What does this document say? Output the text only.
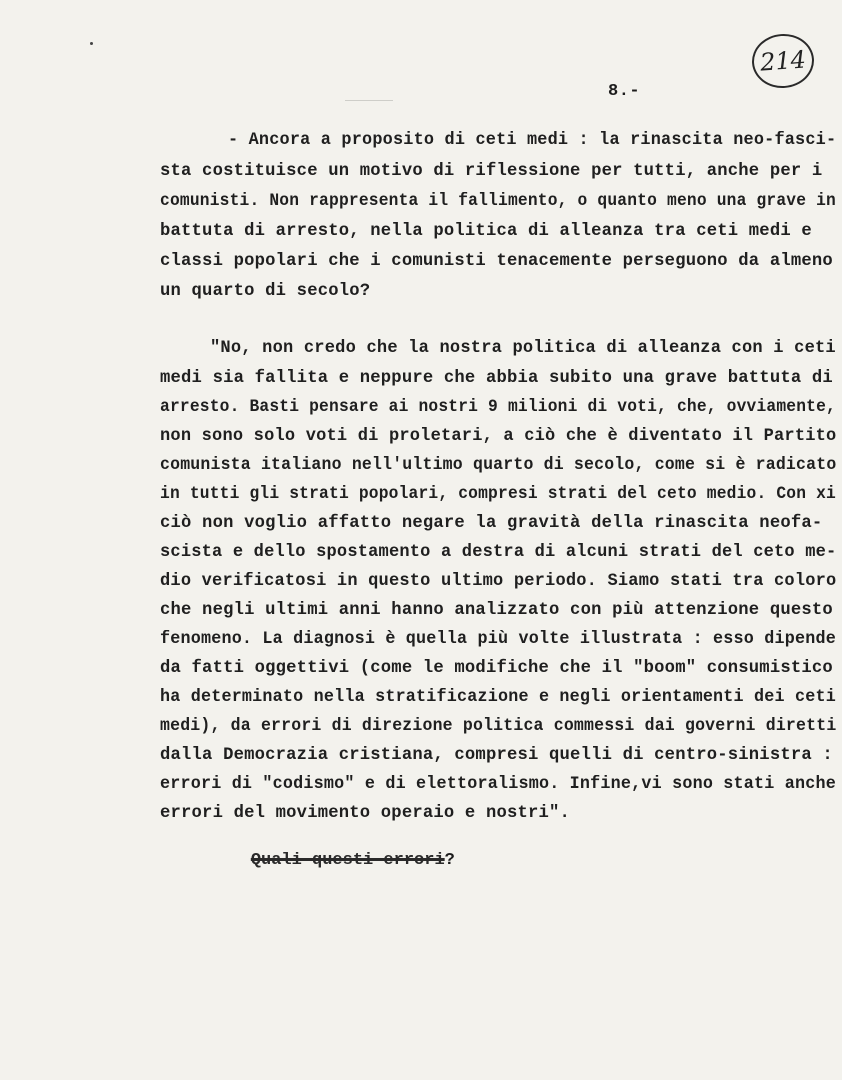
214
8.-
- Ancora a proposito di ceti medi : la rinascita neo-fasci-
sta costituisce un motivo di riflessione per tutti, anche per i
comunisti. Non rappresenta il fallimento, o quanto meno una grave in
battuta di arresto, nella politica di alleanza tra ceti medi e
classi popolari che i comunisti tenacemente perseguono da almeno
un quarto di secolo?
"No, non credo che la nostra politica di alleanza con i ceti
medi sia fallita e neppure che abbia subito una grave battuta di
arresto. Basti pensare ai nostri 9 milioni di voti, che, ovviamente,
non sono solo voti di proletari, a ciò che è diventato il Partito
comunista italiano nell'ultimo quarto di secolo, come si è radicato
in tutti gli strati popolari, compresi strati del ceto medio. Con xi
ciò non voglio affatto negare la gravità della rinascita neofa-
scista e dello spostamento a destra di alcuni strati del ceto me-
dio verificatosi in questo ultimo periodo. Siamo stati tra coloro
che negli ultimi anni hanno analizzato con più attenzione questo
fenomeno. La diagnosi è quella più volte illustrata : esso dipende
da fatti oggettivi (come le modifiche che il "boom" consumistico
ha determinato nella stratificazione e negli orientamenti dei ceti
medi), da errori di direzione politica commessi dai governi diretti
dalla Democrazia cristiana, compresi quelli di centro-sinistra :
errori di "codismo" e di elettoralismo. Infine,vi sono stati anche
errori del movimento operaio e nostri".

Quali questi errori?
